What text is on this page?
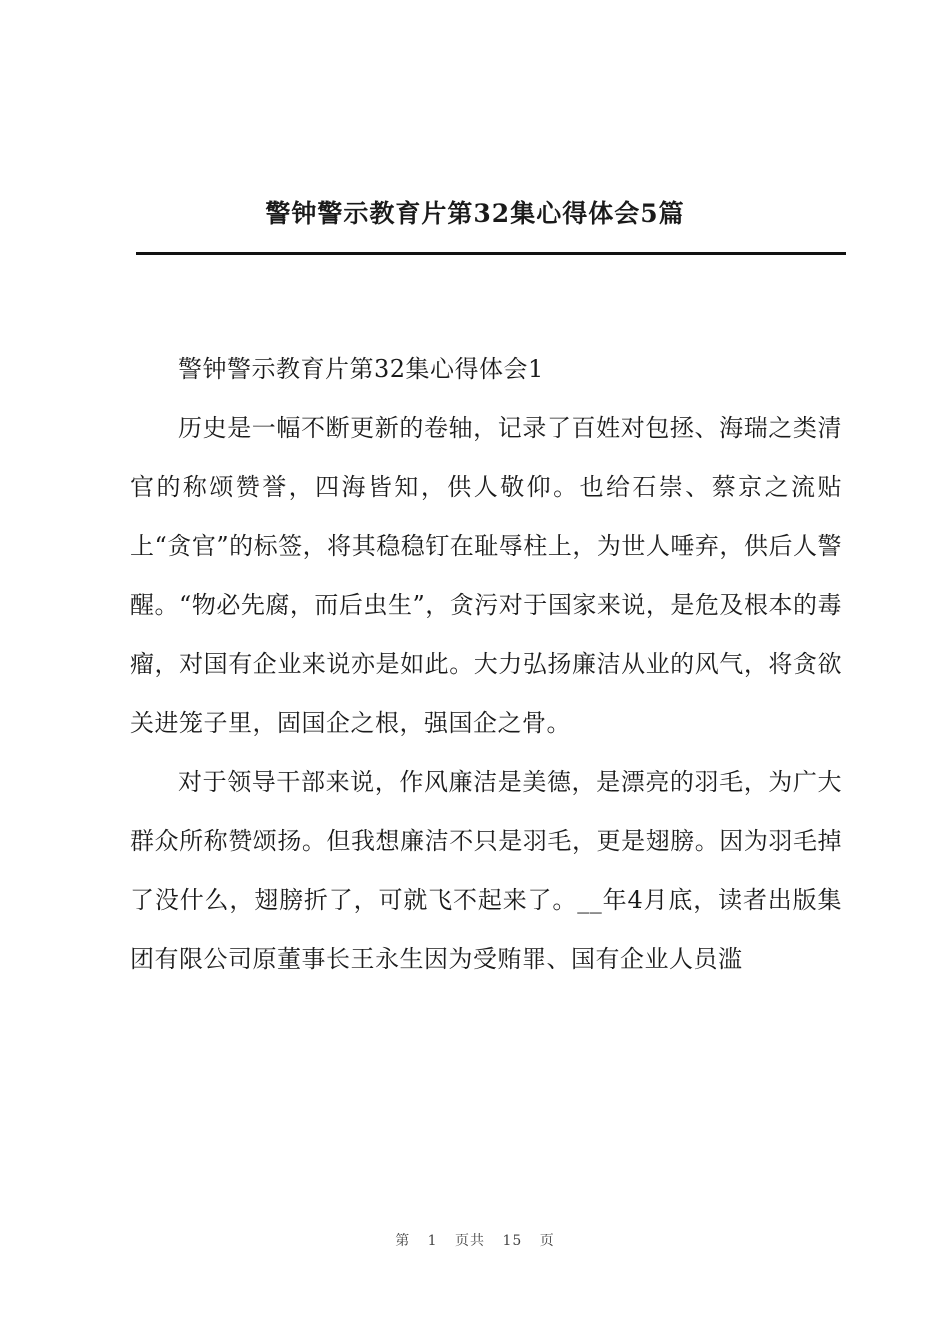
警钟警示教育片第32集心得体会5篇

警钟警示教育片第32集心得体会1

历史是一幅不断更新的卷轴，记录了百姓对包拯、海瑞之类清官的称颂赞誉，四海皆知，供人敬仰。也给石崇、蔡京之流贴上“贪官”的标签，将其稳稳钉在耻辱柱上，为世人唾弃，供后人警醒。“物必先腐，而后虫生”，贪污对于国家来说，是危及根本的毒瘤，对国有企业来说亦是如此。大力弘扬廉洁从业的风气，将贪欲关进笼子里，固国企之根，强国企之骨。

对于领导干部来说，作风廉洁是美德，是漂亮的羽毛，为广大群众所称赞颂扬。但我想廉洁不只是羽毛，更是翅膀。因为羽毛掉了没什么，翅膀折了，可就飞不起来了。__年4月底，读者出版集团有限公司原董事长王永生因为受贿罪、国有企业人员滥

第 1 页共 15 页
